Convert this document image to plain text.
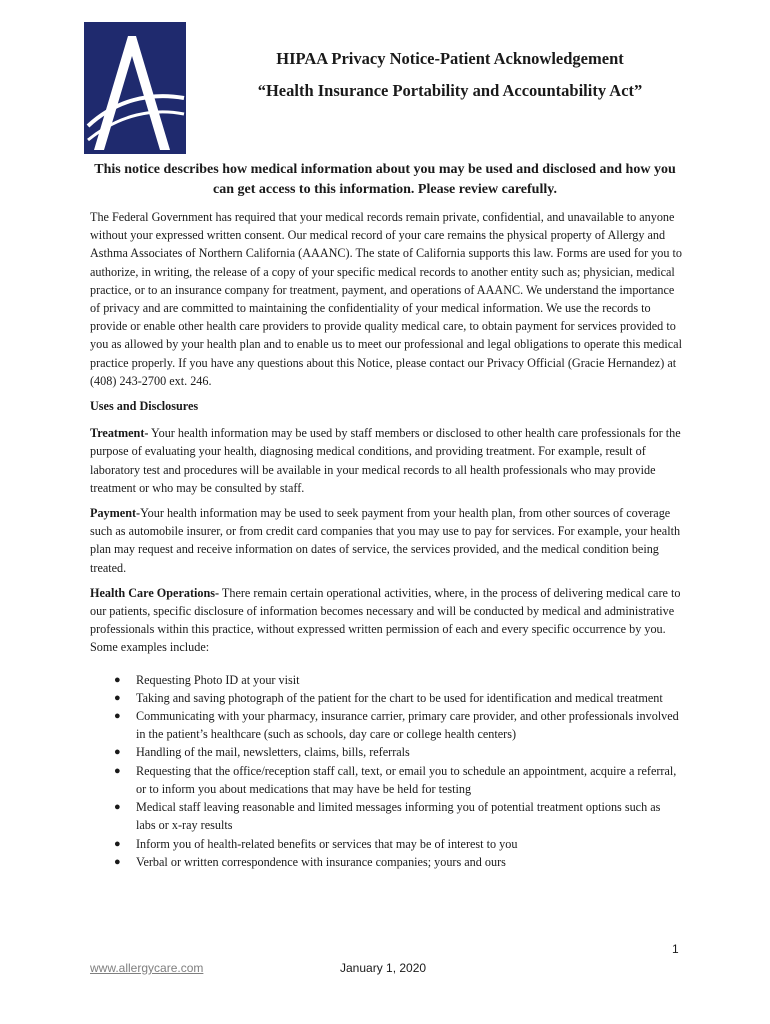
HIPAA Privacy Notice-Patient Acknowledgement
“Health Insurance Portability and Accountability Act”
This notice describes how medical information about you may be used and disclosed and how you can get access to this information. Please review carefully.

The Federal Government has required that your medical records remain private, confidential, and unavailable to anyone without your expressed written consent. Our medical record of your care remains the physical property of Allergy and Asthma Associates of Northern California (AAANC). The state of California supports this law. Forms are used for you to authorize, in writing, the release of a copy of your specific medical records to another entity such as; physician, medical practice, or to an insurance company for treatment, payment, and operations of AAANC. We understand the importance of privacy and are committed to maintaining the confidentiality of your medical information. We use the records to provide or enable other health care providers to provide quality medical care, to obtain payment for services provided to you as allowed by your health plan and to enable us to meet our professional and legal obligations to operate this medical practice properly. If you have any questions about this Notice, please contact our Privacy Official (Gracie Hernandez) at (408) 243-2700 ext. 246.

Uses and Disclosures

Treatment- Your health information may be used by staff members or disclosed to other health care professionals for the purpose of evaluating your health, diagnosing medical conditions, and providing treatment. For example, result of laboratory test and procedures will be available in your medical records to all health professionals who may provide treatment or who may be consulted by staff.

Payment-Your health information may be used to seek payment from your health plan, from other sources of coverage such as automobile insurer, or from credit card companies that you may use to pay for services. For example, your health plan may request and receive information on dates of service, the services provided, and the medical condition being treated.

Health Care Operations- There remain certain operational activities, where, in the process of delivering medical care to our patients, specific disclosure of information becomes necessary and will be conducted by medical and administrative professionals within this practice, without expressed written permission of each and every specific occurrence by you. Some examples include:

● Requesting Photo ID at your visit
● Taking and saving photograph of the patient for the chart to be used for identification and medical treatment
● Communicating with your pharmacy, insurance carrier, primary care provider, and other professionals involved in the patient’s healthcare (such as schools, day care or college health centers)
● Handling of the mail, newsletters, claims, bills, referrals
● Requesting that the office/reception staff call, text, or email you to schedule an appointment, acquire a referral, or to inform you about medications that may have be held for testing
● Medical staff leaving reasonable and limited messages informing you of potential treatment options such as labs or x-ray results
● Inform you of health-related benefits or services that may be of interest to you
● Verbal or written correspondence with insurance companies; yours and ours
1
www.allergycare.com	January 1, 2020
